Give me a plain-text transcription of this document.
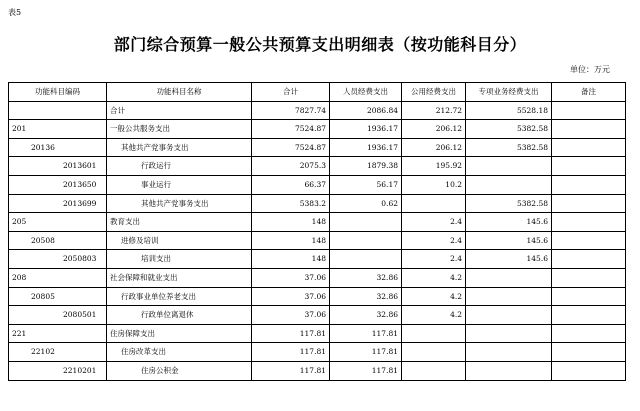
表5
部门综合预算一般公共预算支出明细表（按功能科目分）
单位：万元
功能科目编码	功能科目名称	合计	人员经费支出	公用经费支出	专项业务经费支出	备注
	合计	7827.74	2086.84	212.72	5528.18	
201	一般公共服务支出	7524.87	1936.17	206.12	5382.58	
20136	其他共产党事务支出	7524.87	1936.17	206.12	5382.58	
2013601	行政运行	2075.3	1879.38	195.92		
2013650	事业运行	66.37	56.17	10.2		
2013699	其他共产党事务支出	5383.2	0.62		5382.58	
205	教育支出	148		2.4	145.6	
20508	进修及培训	148		2.4	145.6	
2050803	培训支出	148		2.4	145.6	
208	社会保障和就业支出	37.06	32.86	4.2		
20805	行政事业单位养老支出	37.06	32.86	4.2		
2080501	行政单位离退休	37.06	32.86	4.2		
221	住房保障支出	117.81	117.81			
22102	住房改革支出	117.81	117.81			
2210201	住房公积金	117.81	117.81			
